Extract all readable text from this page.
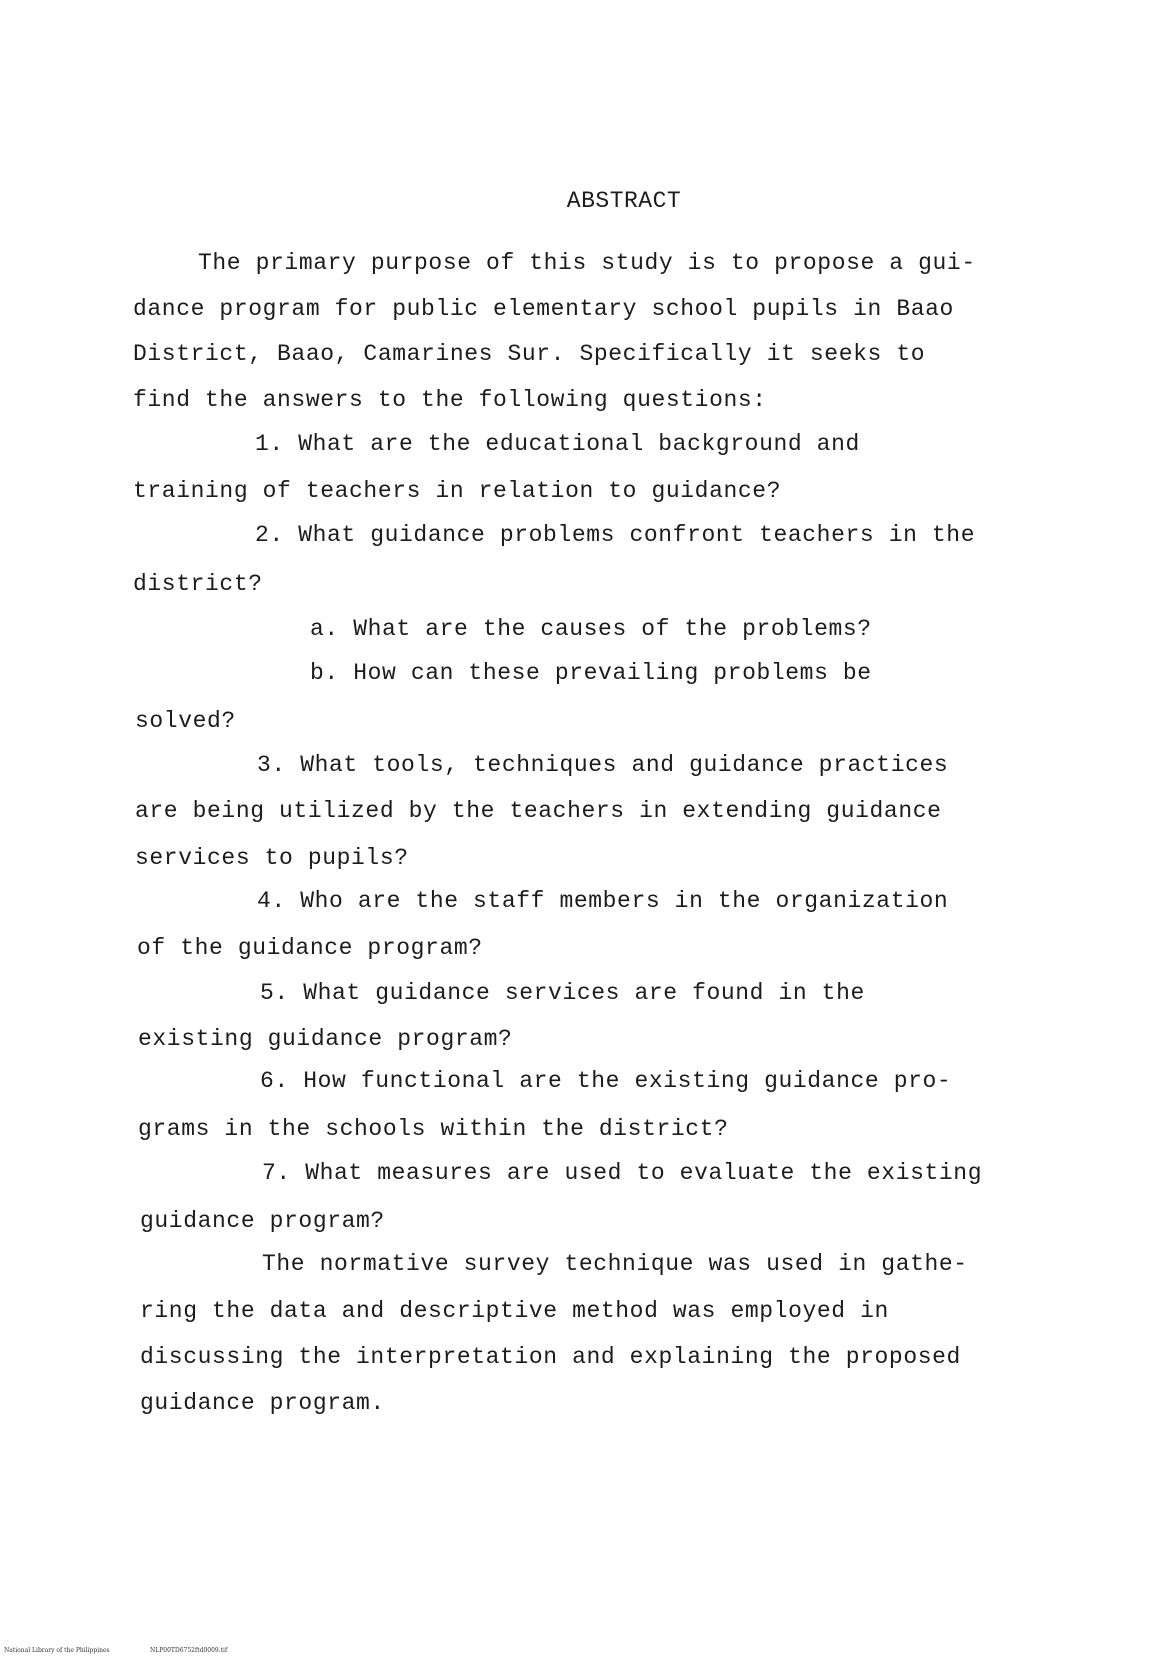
ABSTRACT
The primary purpose of this study is to propose a gui-
dance program for public elementary school pupils in Baao
District, Baao, Camarines Sur. Specifically it seeks to
find the answers to the following questions:
1. What are the educational background and
training of teachers in relation to guidance?
2. What guidance problems confront teachers in the
district?
a. What are the causes of the problems?
b. How can these prevailing problems be
solved?
3. What tools, techniques and guidance practices
are being utilized by the teachers in extending guidance
services to pupils?
4. Who are the staff members in the organization
of the guidance program?
5. What guidance services are found in the
existing guidance program?
6. How functional are the existing guidance pro-
grams in the schools within the district?
7. What measures are used to evaluate the existing
guidance program?
The normative survey technique was used in gathe-
ring the data and descriptive method was employed in
discussing the interpretation and explaining the proposed
guidance program.
National Library of the Philippines	NLP00TD6752ftd0009.tif
